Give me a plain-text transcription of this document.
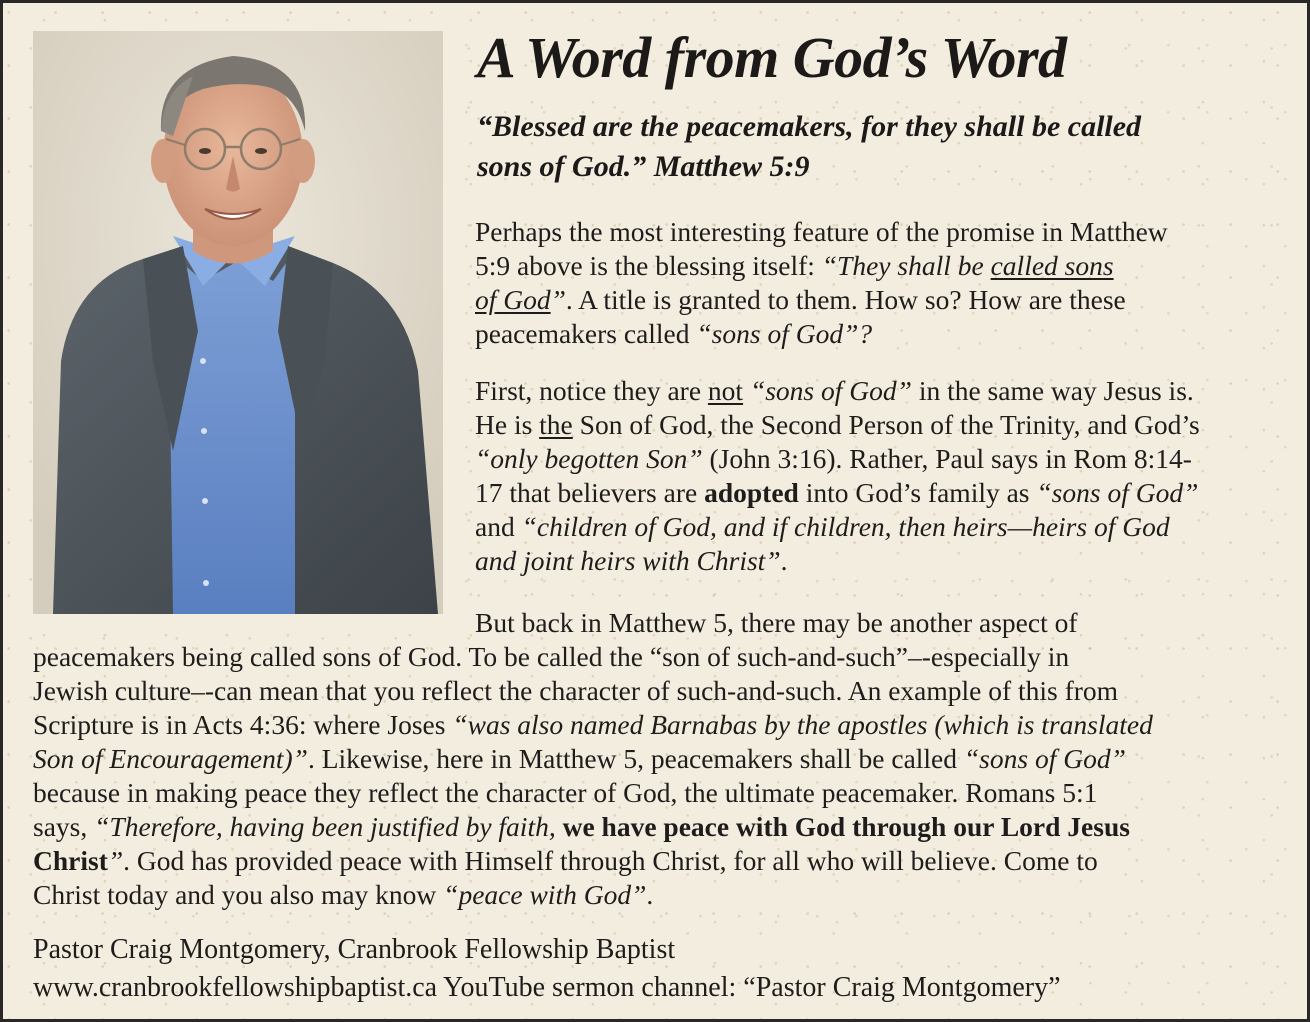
A Word from God’s Word
“Blessed are the peacemakers, for they shall be called
sons of God.” Matthew 5:9
Perhaps the most interesting feature of the promise in Matthew
5:9 above is the blessing itself: “They shall be called sons
of God”. A title is granted to them. How so? How are these
peacemakers called “sons of God”?
First, notice they are not “sons of God” in the same way Jesus is.
He is the Son of God, the Second Person of the Trinity, and God’s
“only begotten Son” (John 3:16). Rather, Paul says in Rom 8:14-
17 that believers are adopted into God’s family as “sons of God”
and “children of God, and if children, then heirs—heirs of God
and joint heirs with Christ”.
But back in Matthew 5, there may be another aspect of
peacemakers being called sons of God. To be called the “son of such-and-such”–-especially in
Jewish culture–-can mean that you reflect the character of such-and-such. An example of this from
Scripture is in Acts 4:36: where Joses “was also named Barnabas by the apostles (which is translated
Son of Encouragement)”. Likewise, here in Matthew 5, peacemakers shall be called “sons of God”
because in making peace they reflect the character of God, the ultimate peacemaker. Romans 5:1
says, “Therefore, having been justified by faith, we have peace with God through our Lord Jesus
Christ”. God has provided peace with Himself through Christ, for all who will believe. Come to
Christ today and you also may know “peace with God”.
Pastor Craig Montgomery, Cranbrook Fellowship Baptist
www.cranbrookfellowshipbaptist.ca YouTube sermon channel: “Pastor Craig Montgomery”
